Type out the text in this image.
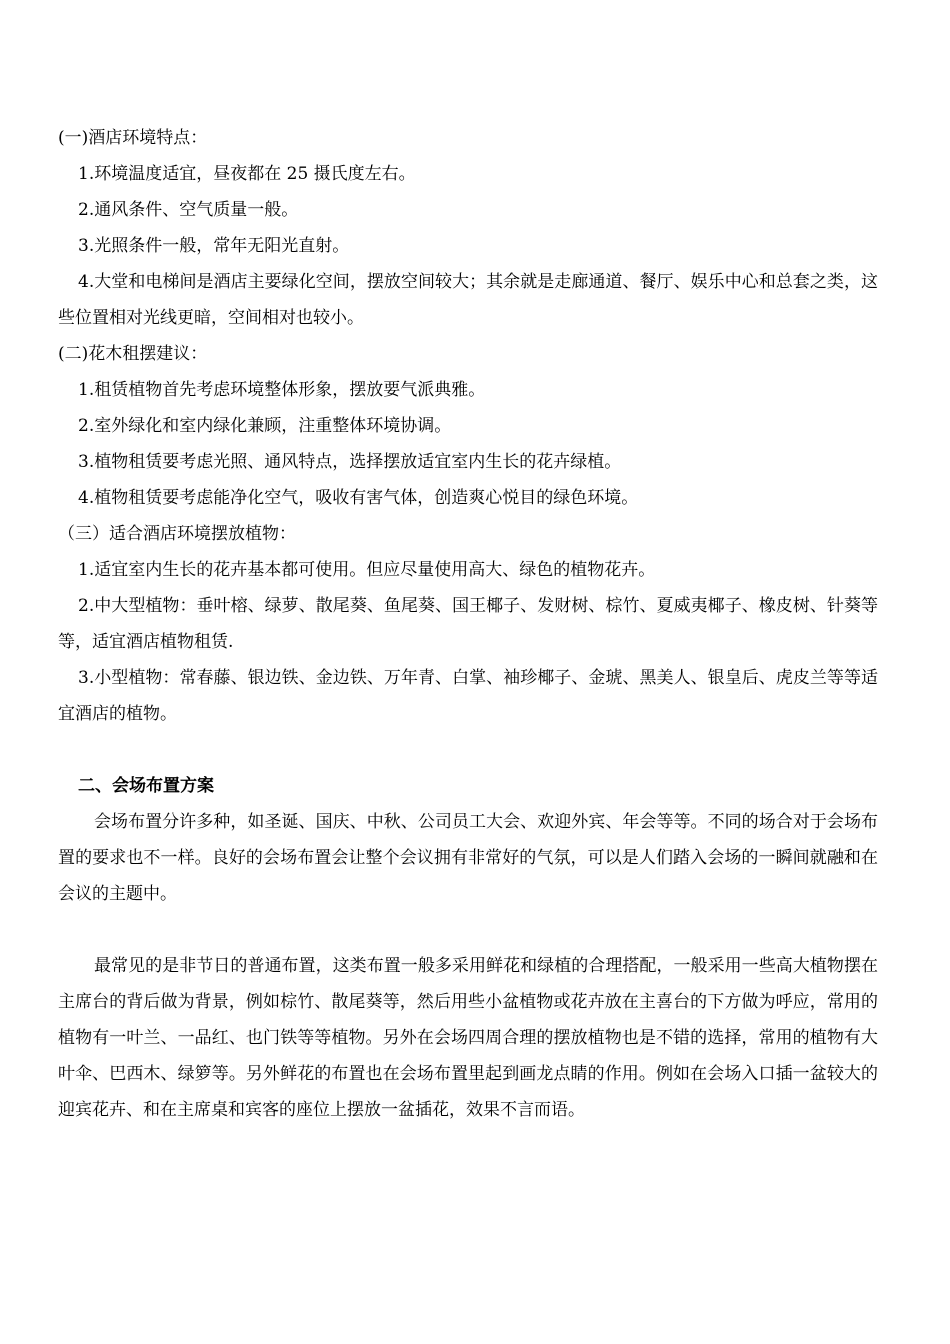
(一)酒店环境特点：

1.环境温度适宜，昼夜都在 25 摄氏度左右。

2.通风条件、空气质量一般。

3.光照条件一般，常年无阳光直射。

4.大堂和电梯间是酒店主要绿化空间，摆放空间较大；其余就是走廊通道、餐厅、娱乐中心和总套之类，这些位置相对光线更暗，空间相对也较小。

(二)花木租摆建议：

1.租赁植物首先考虑环境整体形象，摆放要气派典雅。

2.室外绿化和室内绿化兼顾，注重整体环境协调。

3.植物租赁要考虑光照、通风特点，选择摆放适宜室内生长的花卉绿植。

4.植物租赁要考虑能净化空气，吸收有害气体，创造爽心悦目的绿色环境。

（三）适合酒店环境摆放植物：

1.适宜室内生长的花卉基本都可使用。但应尽量使用高大、绿色的植物花卉。

2.中大型植物：垂叶榕、绿萝、散尾葵、鱼尾葵、国王椰子、发财树、棕竹、夏威夷椰子、橡皮树、针葵等等，适宜酒店植物租赁.

3.小型植物：常春藤、银边铁、金边铁、万年青、白掌、袖珍椰子、金琥、黑美人、银皇后、虎皮兰等等适宜酒店的植物。

二、会场布置方案

会场布置分许多种，如圣诞、国庆、中秋、公司员工大会、欢迎外宾、年会等等。不同的场合对于会场布置的要求也不一样。良好的会场布置会让整个会议拥有非常好的气氛，可以是人们踏入会场的一瞬间就融和在会议的主题中。

最常见的是非节日的普通布置，这类布置一般多采用鲜花和绿植的合理搭配，一般采用一些高大植物摆在主席台的背后做为背景，例如棕竹、散尾葵等，然后用些小盆植物或花卉放在主喜台的下方做为呼应，常用的植物有一叶兰、一品红、也门铁等等植物。另外在会场四周合理的摆放植物也是不错的选择，常用的植物有大叶伞、巴西木、绿箩等。另外鲜花的布置也在会场布置里起到画龙点睛的作用。例如在会场入口插一盆较大的迎宾花卉、和在主席桌和宾客的座位上摆放一盆插花，效果不言而语。
